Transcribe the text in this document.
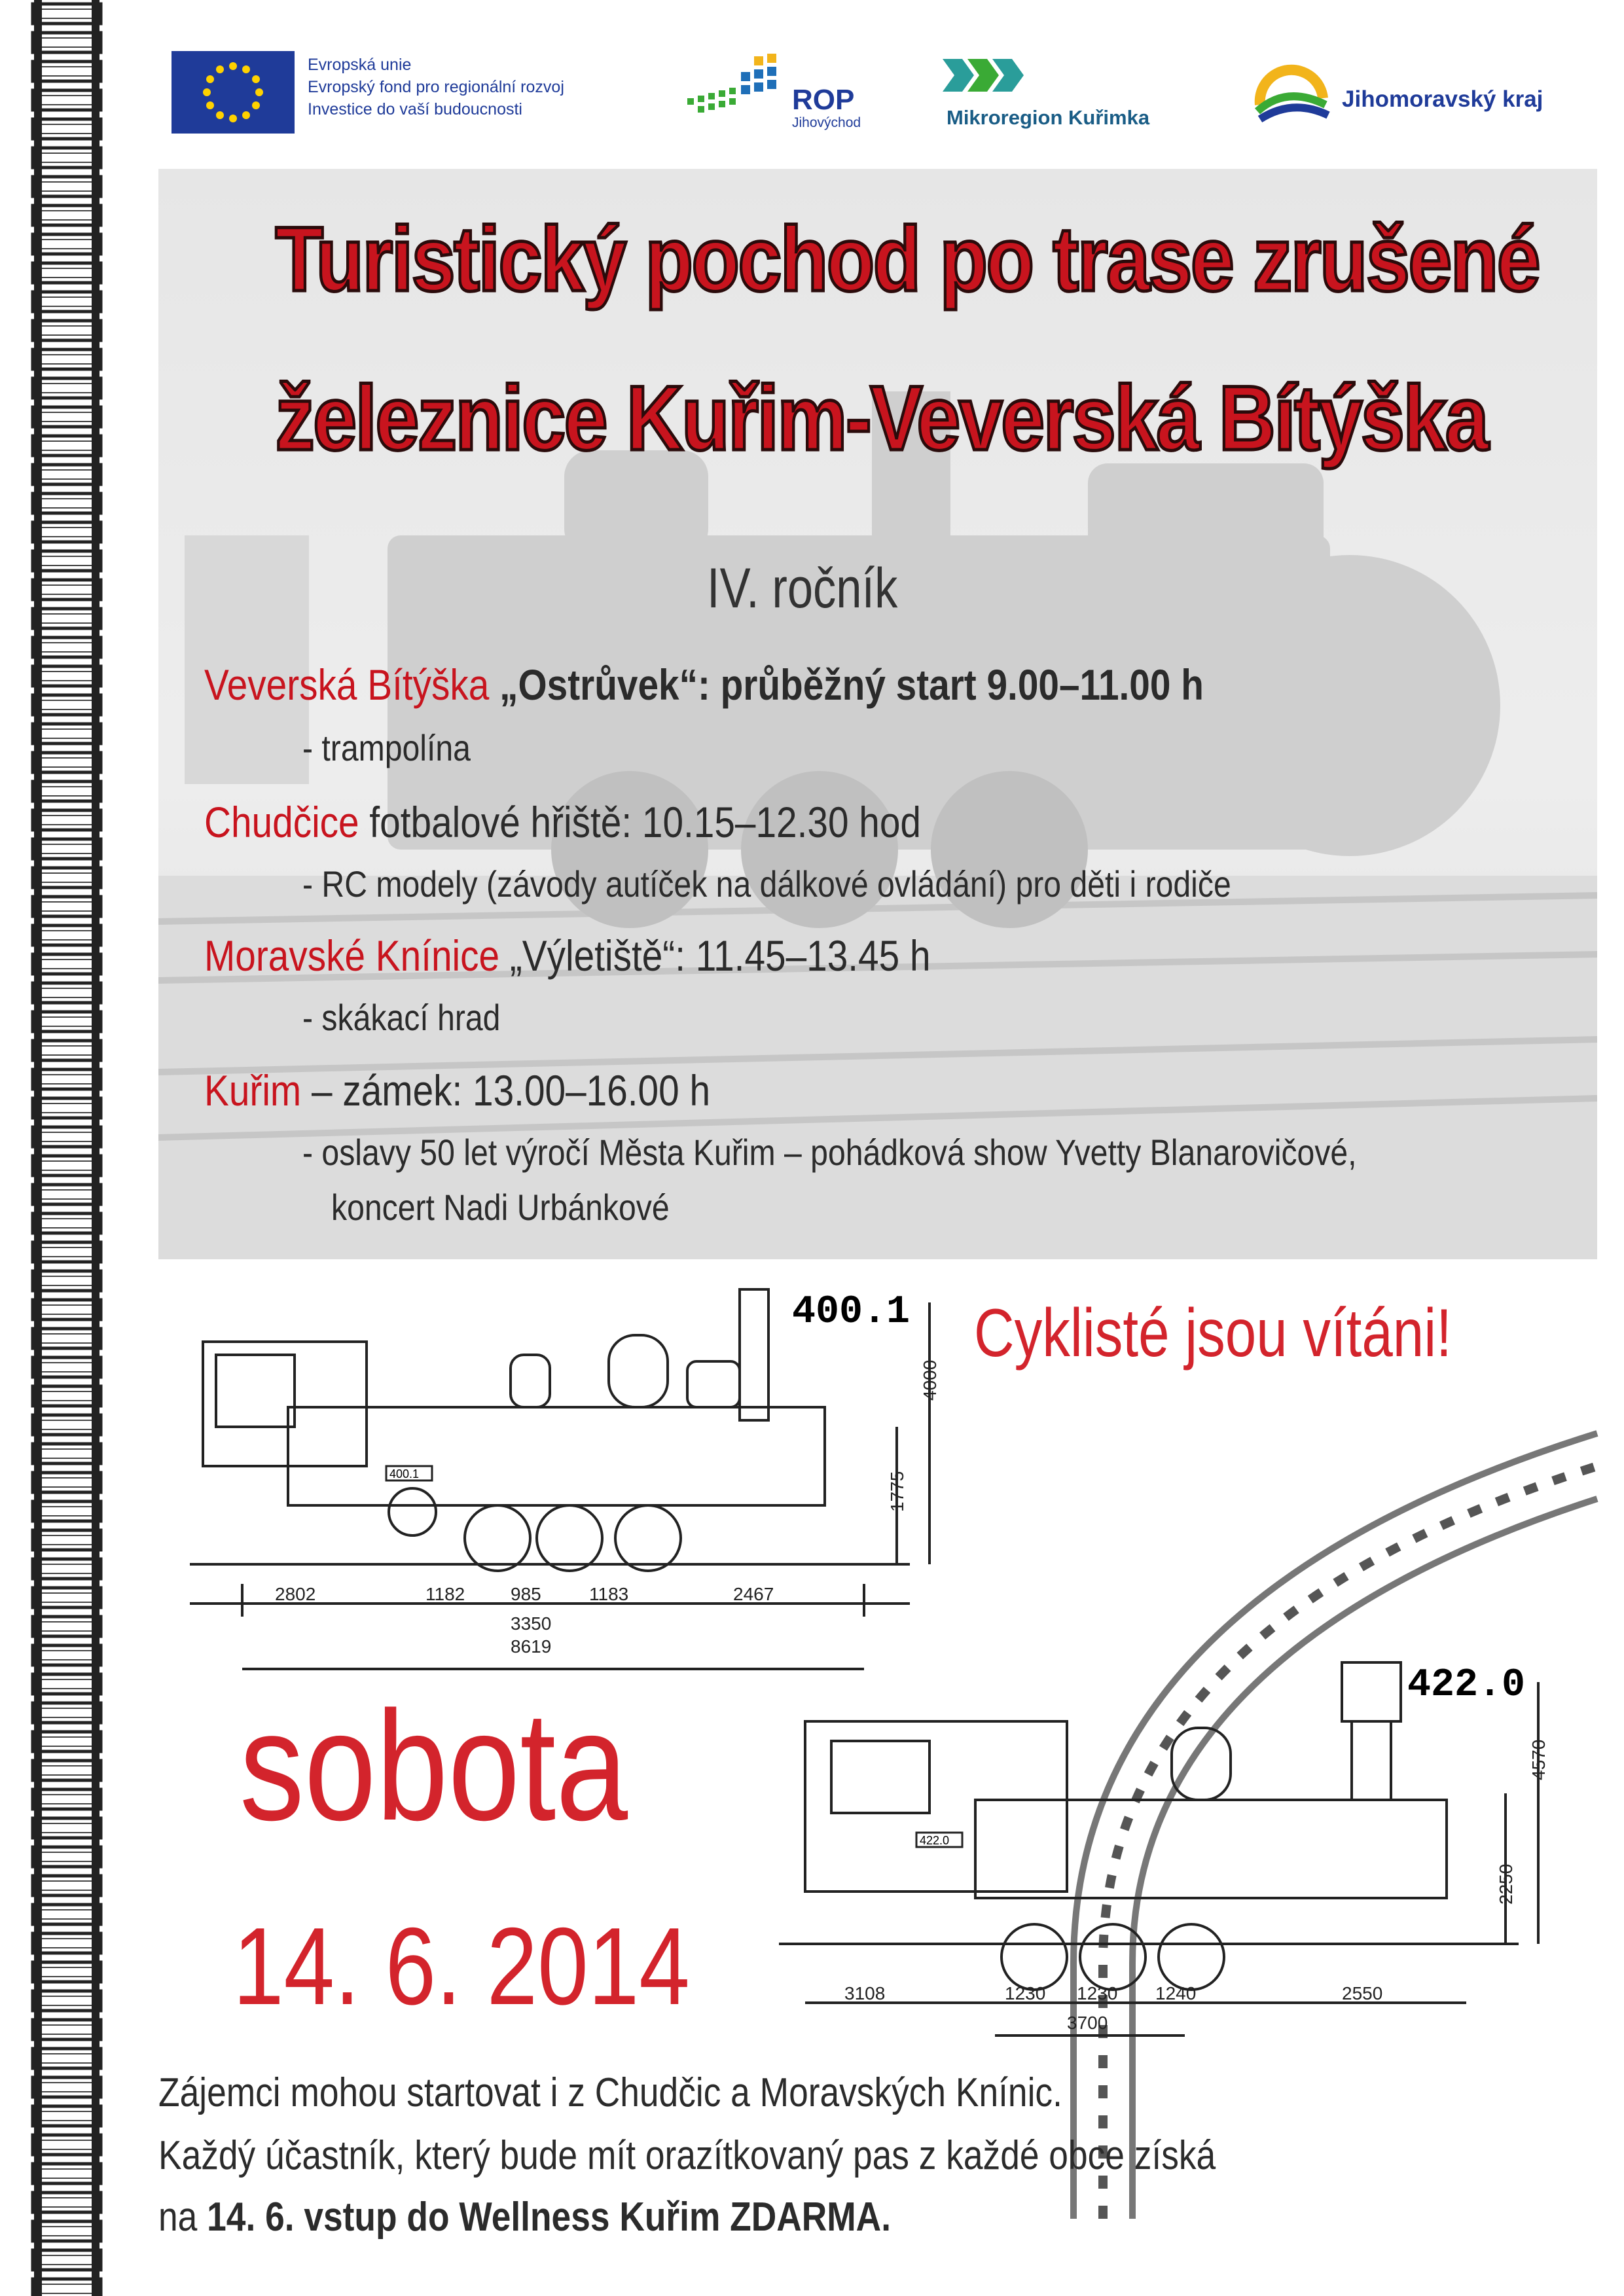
Evropská unie
Evropský fond pro regionální rozvoj
Investice do vaší budoucnosti	ROP
Jihovýchod	Mikroregion Kuřimka
Jihomoravský kraj
Turistický pochod po trase zrušené
železnice Kuřim-Veverská Bítýška
IV. ročník
Veverská Bítýška „Ostrůvek“: průběžný start 9.00–11.00 h
- trampolína
Chudčice fotbalové hřiště: 10.15–12.30 hod
- RC modely (závody autíček na dálkové ovládání) pro děti i rodiče
Moravské Knínice „Výletiště“: 11.45–13.45 h
- skákací hrad
Kuřim – zámek: 13.00–16.00 h
- oslavy 50 let výročí Města Kuřim – pohádková show Yvetty Blanarovičové,
koncert Nadi Urbánkové
Cyklisté jsou vítáni!
400.1
400.1
2802	1182 985	1183	2467
3350
8619
4000
1775
422.0
422.0
3108	1230 1230 1240	2550
3700
4570
2250
sobota
14. 6. 2014
Zájemci mohou startovat i z Chudčic a Moravských Knínic.
Každý účastník, který bude mít orazítkovaný pas z každé obce získá
na 14. 6. vstup do Wellness Kuřim ZDARMA.
